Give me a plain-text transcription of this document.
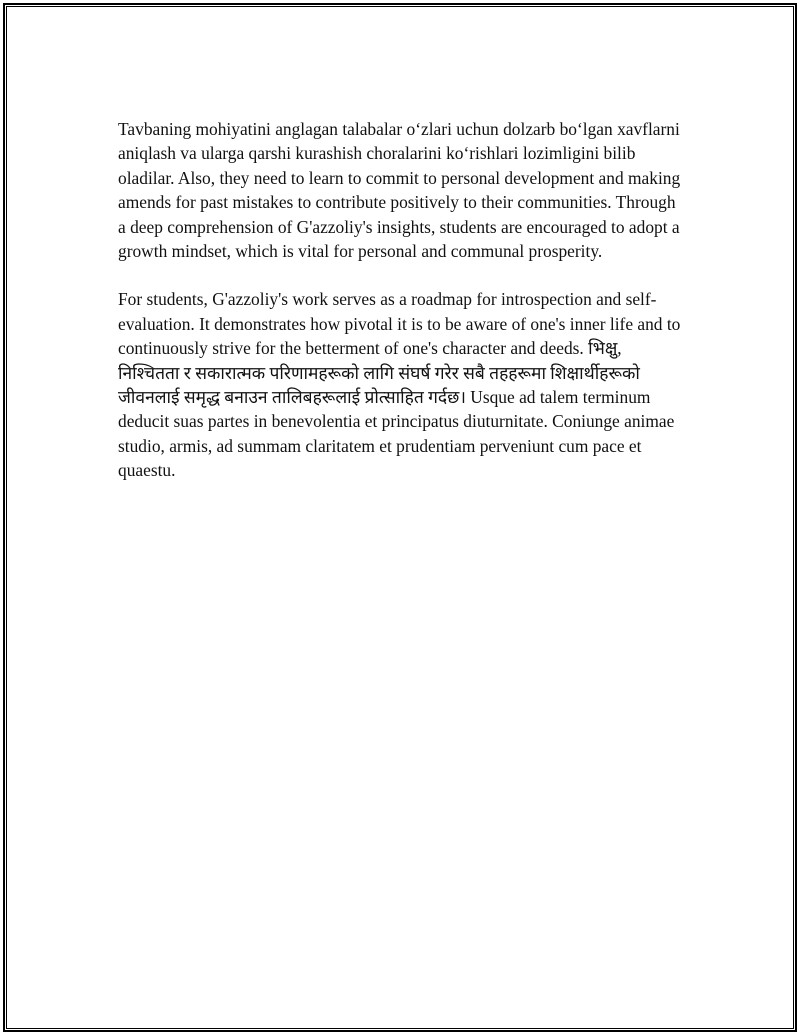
Tavbaning mohiyatini anglagan talabalar o‘zlari uchun dolzarb bo‘lgan xavflarni aniqlash va ularga qarshi kurashish choralarini ko‘rishlari lozimligini bilib oladilar. Also, they need to learn to commit to personal development and making amends for past mistakes to contribute positively to their communities. Through a deep comprehension of G'azzoliy's insights, students are encouraged to adopt a growth mindset, which is vital for personal and communal prosperity.

For students, G'azzoliy's work serves as a roadmap for introspection and self-evaluation. It demonstrates how pivotal it is to be aware of one's inner life and to continuously strive for the betterment of one's character and deeds. भिक्षु, निश्चितता र सकारात्मक परिणामहरूको लागि संघर्ष गरेर सबै तहहरूमा शिक्षार्थीहरूको जीवनलाई समृद्ध बनाउन तालिबहरूलाई प्रोत्साहित गर्दछ। Usque ad talem terminum deducit suas partes in benevolentia et principatus diuturnitate. Coniunge animae studio, armis, ad summam claritatem et prudentiam perveniunt cum pace et quaestu.
